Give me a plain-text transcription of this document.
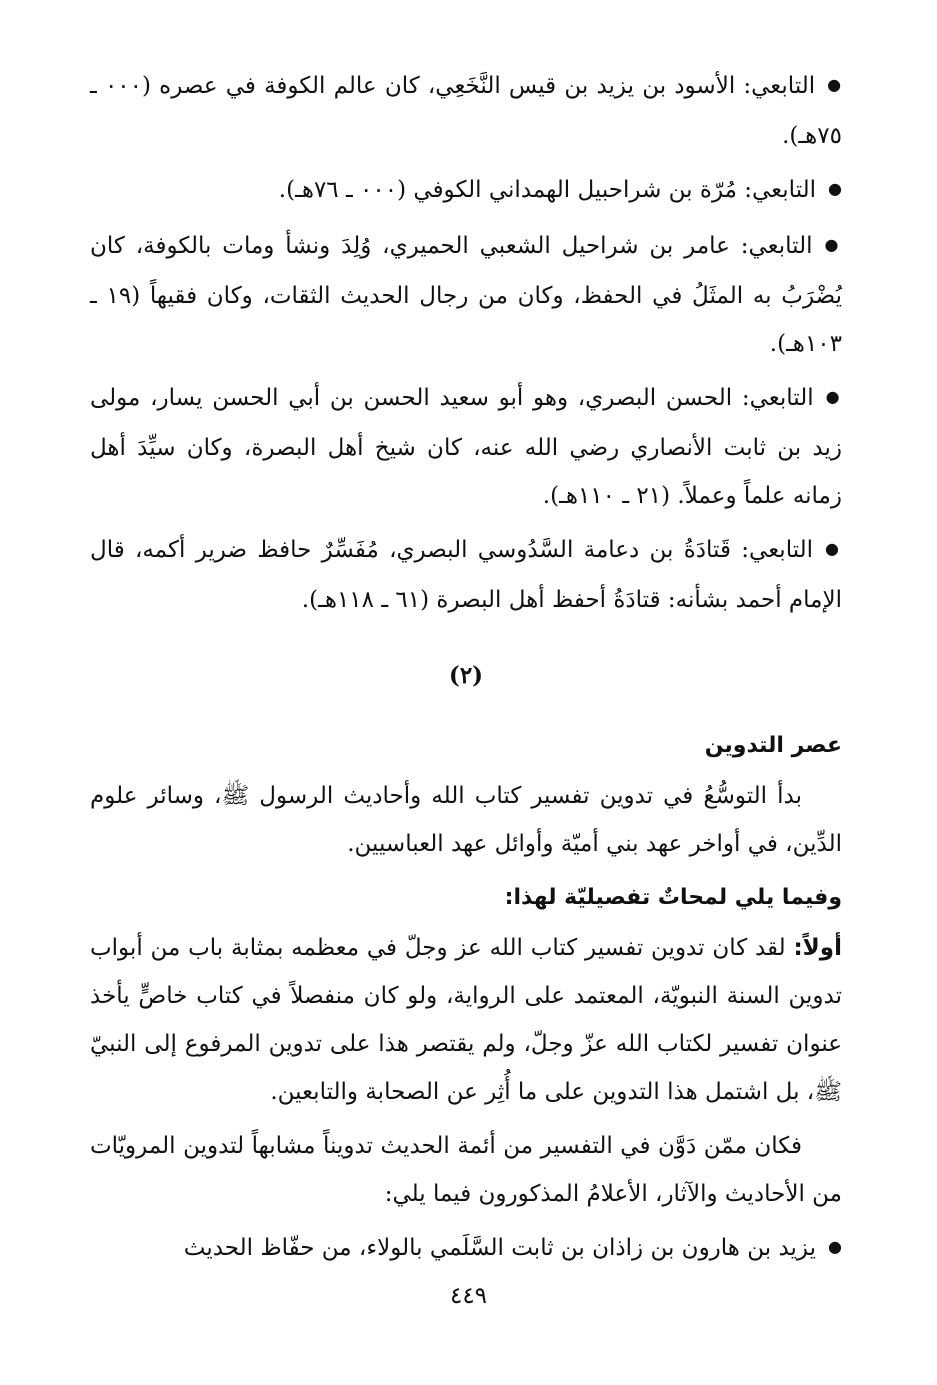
● التابعي: الأسود بن يزيد بن قيس النَّخَعِي، كان عالم الكوفة في عصره (٠٠٠ ـ ٧٥هـ).

● التابعي: مُرّة بن شراحبيل الهمداني الكوفي (٠٠٠ ـ ٧٦هـ).

● التابعي: عامر بن شراحيل الشعبي الحميري، وُلِدَ ونشأ ومات بالكوفة، كان يُضْرَبُ به المثَلُ في الحفظ، وكان من رجال الحديث الثقات، وكان فقيهاً (١٩ ـ ١٠٣هـ).

● التابعي: الحسن البصري، وهو أبو سعيد الحسن بن أبي الحسن يسار، مولى زيد بن ثابت الأنصاري رضي الله عنه، كان شيخ أهل البصرة، وكان سيِّدَ أهل زمانه علماً وعملاً. (٢١ ـ ١١٠هـ).

● التابعي: قَتادَةُ بن دعامة السَّدُوسي البصري، مُفَسِّرٌ حافظ ضرير أكمه، قال الإمام أحمد بشأنه: قتادَةُ أحفظ أهل البصرة (٦١ ـ ١١٨هـ).

(٢)
عصر التدوين

بدأ التوسُّعُ في تدوين تفسير كتاب الله وأحاديث الرسول ﷺ، وسائر علوم الدِّين، في أواخر عهد بني أميّة وأوائل عهد العباسيين.

وفيما يلي لمحاتٌ تفصيليّة لهذا:

أولاً: لقد كان تدوين تفسير كتاب الله عز وجلّ في معظمه بمثابة باب من أبواب تدوين السنة النبويّة، المعتمد على الرواية، ولو كان منفصلاً في كتاب خاصٍّ يأخذ عنوان تفسير لكتاب الله عزّ وجلّ، ولم يقتصر هذا على تدوين المرفوع إلى النبيّ ﷺ، بل اشتمل هذا التدوين على ما أُثِر عن الصحابة والتابعين.

فكان ممّن دَوَّن في التفسير من أئمة الحديث تدويناً مشابهاً لتدوين المرويّات من الأحاديث والآثار، الأعلامُ المذكورون فيما يلي:

● يزيد بن هارون بن زاذان بن ثابت السَّلَمي بالولاء، من حفّاظ الحديث

٤٤٩
